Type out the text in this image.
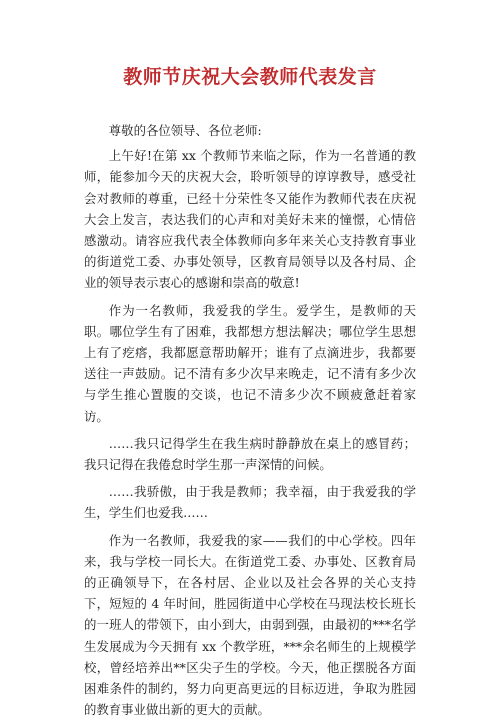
教师节庆祝大会教师代表发言

尊敬的各位领导、各位老师:

上午好!在第 xx 个教师节来临之际，作为一名普通的教师，能参加今天的庆祝大会，聆听领导的谆谆教导，感受社会对教师的尊重，已经十分荣性冬又能作为教师代表在庆祝大会上发言，表达我们的心声和对美好未来的憧憬，心情倍感激动。请容应我代表全体教师向多年来关心支持教育事业的街道党工委、办事处领导，区教育局领导以及各村局、企业的领导表示衷心的感谢和崇高的敬意!

作为一名教师，我爱我的学生。爱学生，是教师的天职。哪位学生有了困难，我都想方想法解决；哪位学生思想上有了疙瘩，我都愿意帮助解开；谁有了点滴进步，我都要送往一声鼓励。记不清有多少次早来晚走，记不清有多少次与学生推心置腹的交谈，也记不清多少次不顾疲惫赶着家访。

……我只记得学生在我生病时静静放在桌上的感冒药；我只记得在我倦怠时学生那一声深情的问候。

……我骄傲，由于我是教师；我幸福，由于我爱我的学生，学生们也爱我……

作为一名教师，我爱我的家——我们的中心学校。四年来，我与学校一同长大。在街道党工委、办事处、区教育局的正确领导下，在各村居、企业以及社会各界的关心支持下，短短的 4 年时间，胜园街道中心学校在马现法校长班长的一班人的带领下，由小到大，由弱到强，由最初的***名学生发展成为今天拥有 xx 个教学班，***余名师生的上规模学校，曾经培养出**区尖子生的学校。今天，他正摆脱各方面困难条件的制约，努力向更高更远的目标迈进，争取为胜园的教育事业做出新的更大的贡献。
